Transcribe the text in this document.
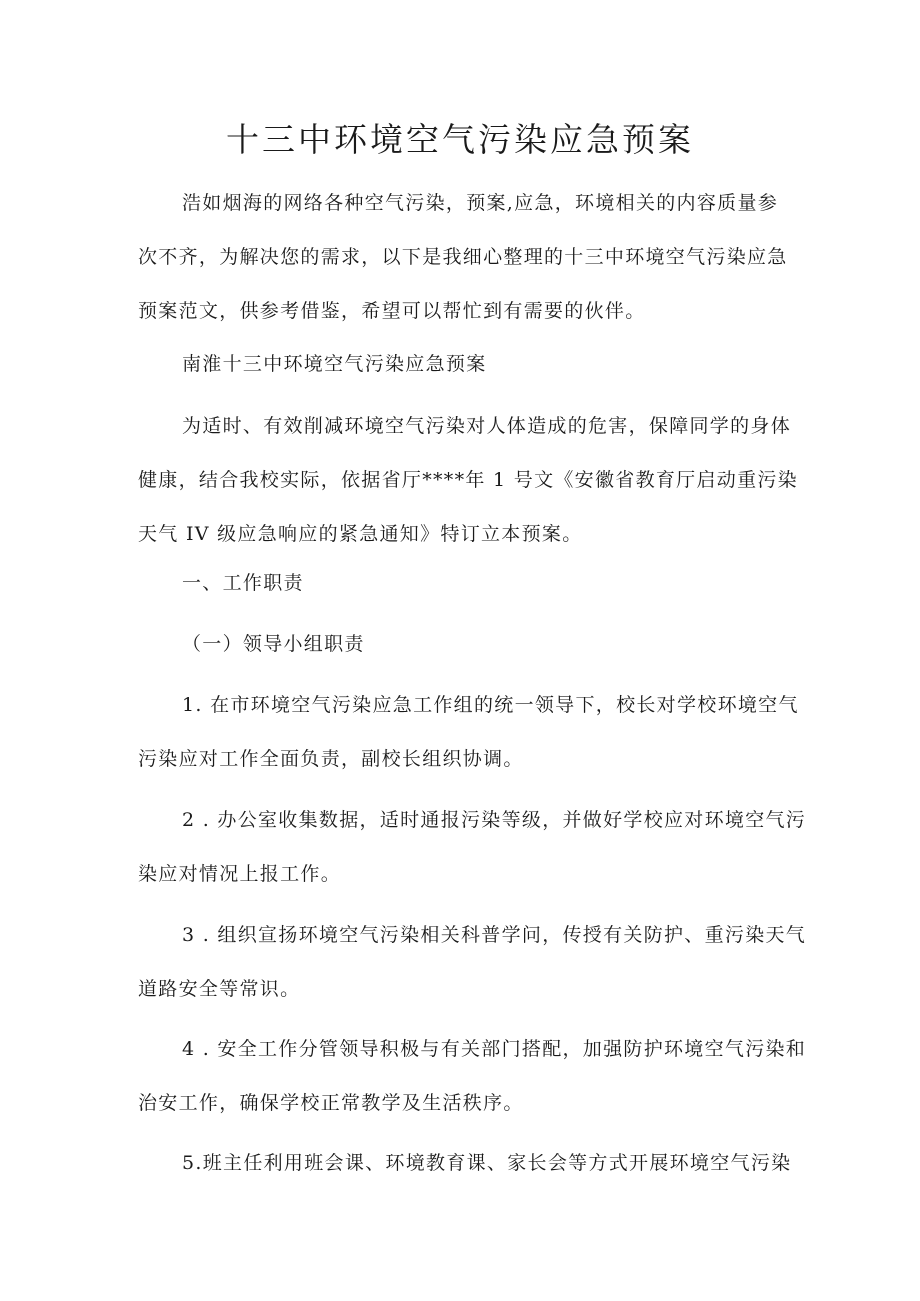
十三中环境空气污染应急预案

浩如烟海的网络各种空气污染，预案,应急，环境相关的内容质量参
次不齐，为解决您的需求，以下是我细心整理的十三中环境空气污染应急
预案范文，供参考借鉴，希望可以帮忙到有需要的伙伴。

南淮十三中环境空气污染应急预案

为适时、有效削减环境空气污染对人体造成的危害，保障同学的身体
健康，结合我校实际，依据省厅****年 1 号文《安徽省教育厅启动重污染
天气 IV 级应急响应的紧急通知》特订立本预案。

一、工作职责

（一）领导小组职责

1. 在市环境空气污染应急工作组的统一领导下，校长对学校环境空气
污染应对工作全面负责，副校长组织协调。

2 . 办公室收集数据，适时通报污染等级，并做好学校应对环境空气污
染应对情况上报工作。

3 . 组织宣扬环境空气污染相关科普学问，传授有关防护、重污染天气
道路安全等常识。

4 . 安全工作分管领导积极与有关部门搭配，加强防护环境空气污染和
治安工作，确保学校正常教学及生活秩序。

5.班主任利用班会课、环境教育课、家长会等方式开展环境空气污染
